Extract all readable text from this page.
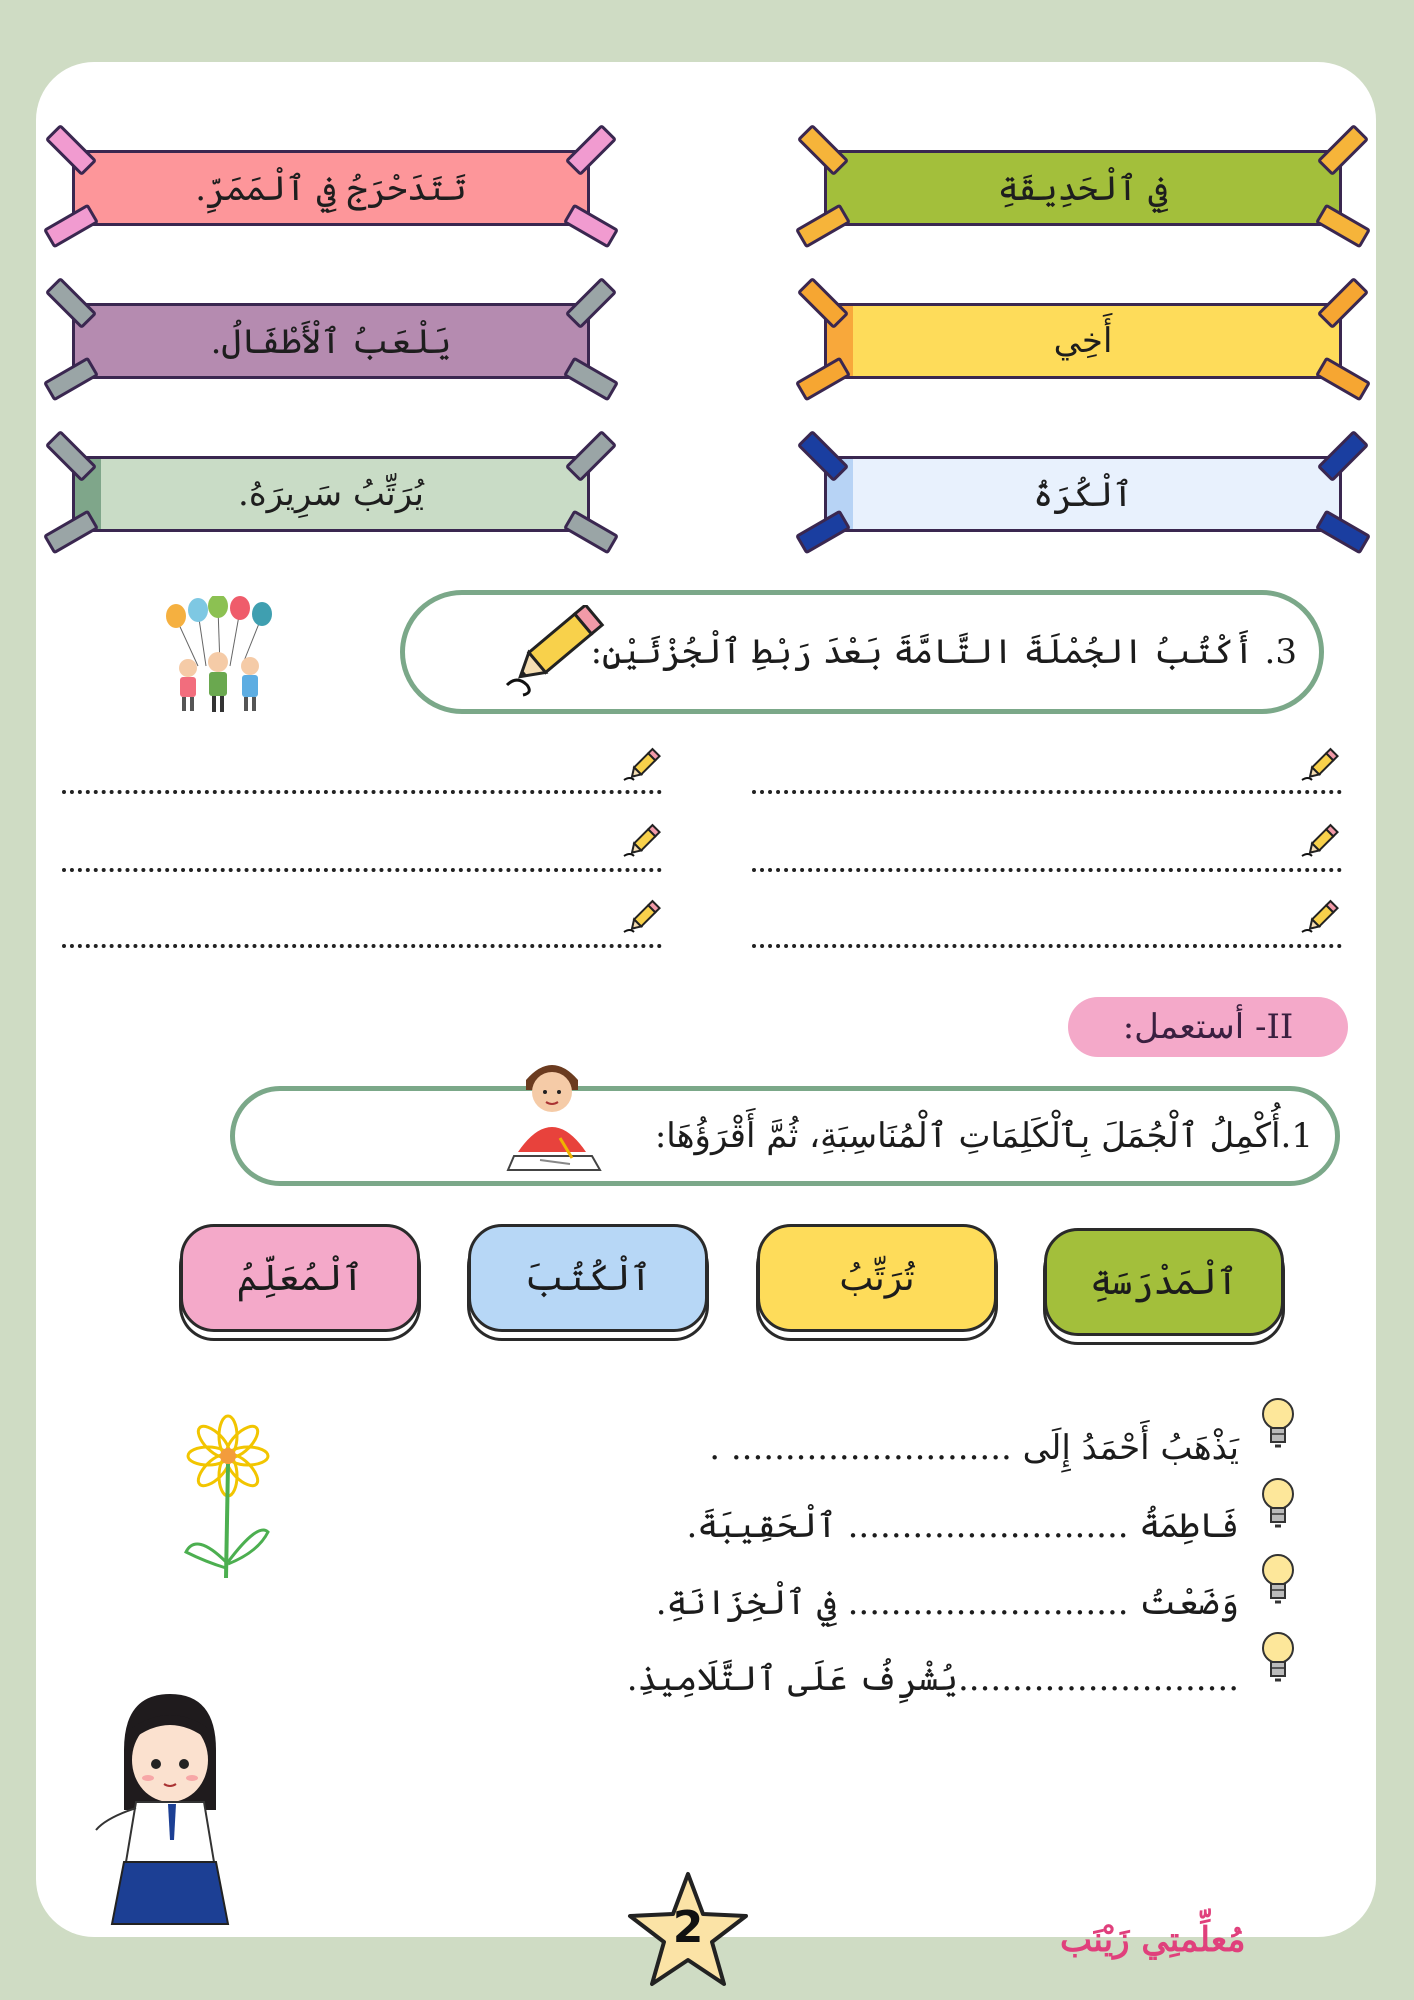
تَتَدَحْرَجُ فِي ٱلْمَمَرِّ.
يَلْعَبُ ٱلْأَطْفَالُ.
يُرَتِّبُ سَرِيرَهُ.
فِي ٱلْحَدِيقَةِ
أَخِي
ٱلْكُرَةُ
3. أَكْتُبُ الجُمْلَةَ التَّامَّةَ بَعْدَ رَبْطِ ٱلْجُزْئَيْنِ:
II- أستعمل:
1.أُكْمِلُ ٱلْجُمَلَ بِٱلْكَلِمَاتِ ٱلْمُنَاسِبَةِ، ثُمَّ أَقْرَؤُهَا:
ٱلْمَدْرَسَةِ
تُرَتِّبُ
ٱلْكُتُبَ
ٱلْمُعَلِّمُ
يَذْهَبُ أَحْمَدُ إِلَى .......................... .
فَاطِمَةُ .......................... ٱلْحَقِيبَةَ.
وَضَعْتُ .......................... فِي ٱلْخِزَانَةِ.
..........................يُشْرِفُ عَلَى ٱلتَّلَامِيذِ.
2	مُعلِّمتِي زَيْنَب
